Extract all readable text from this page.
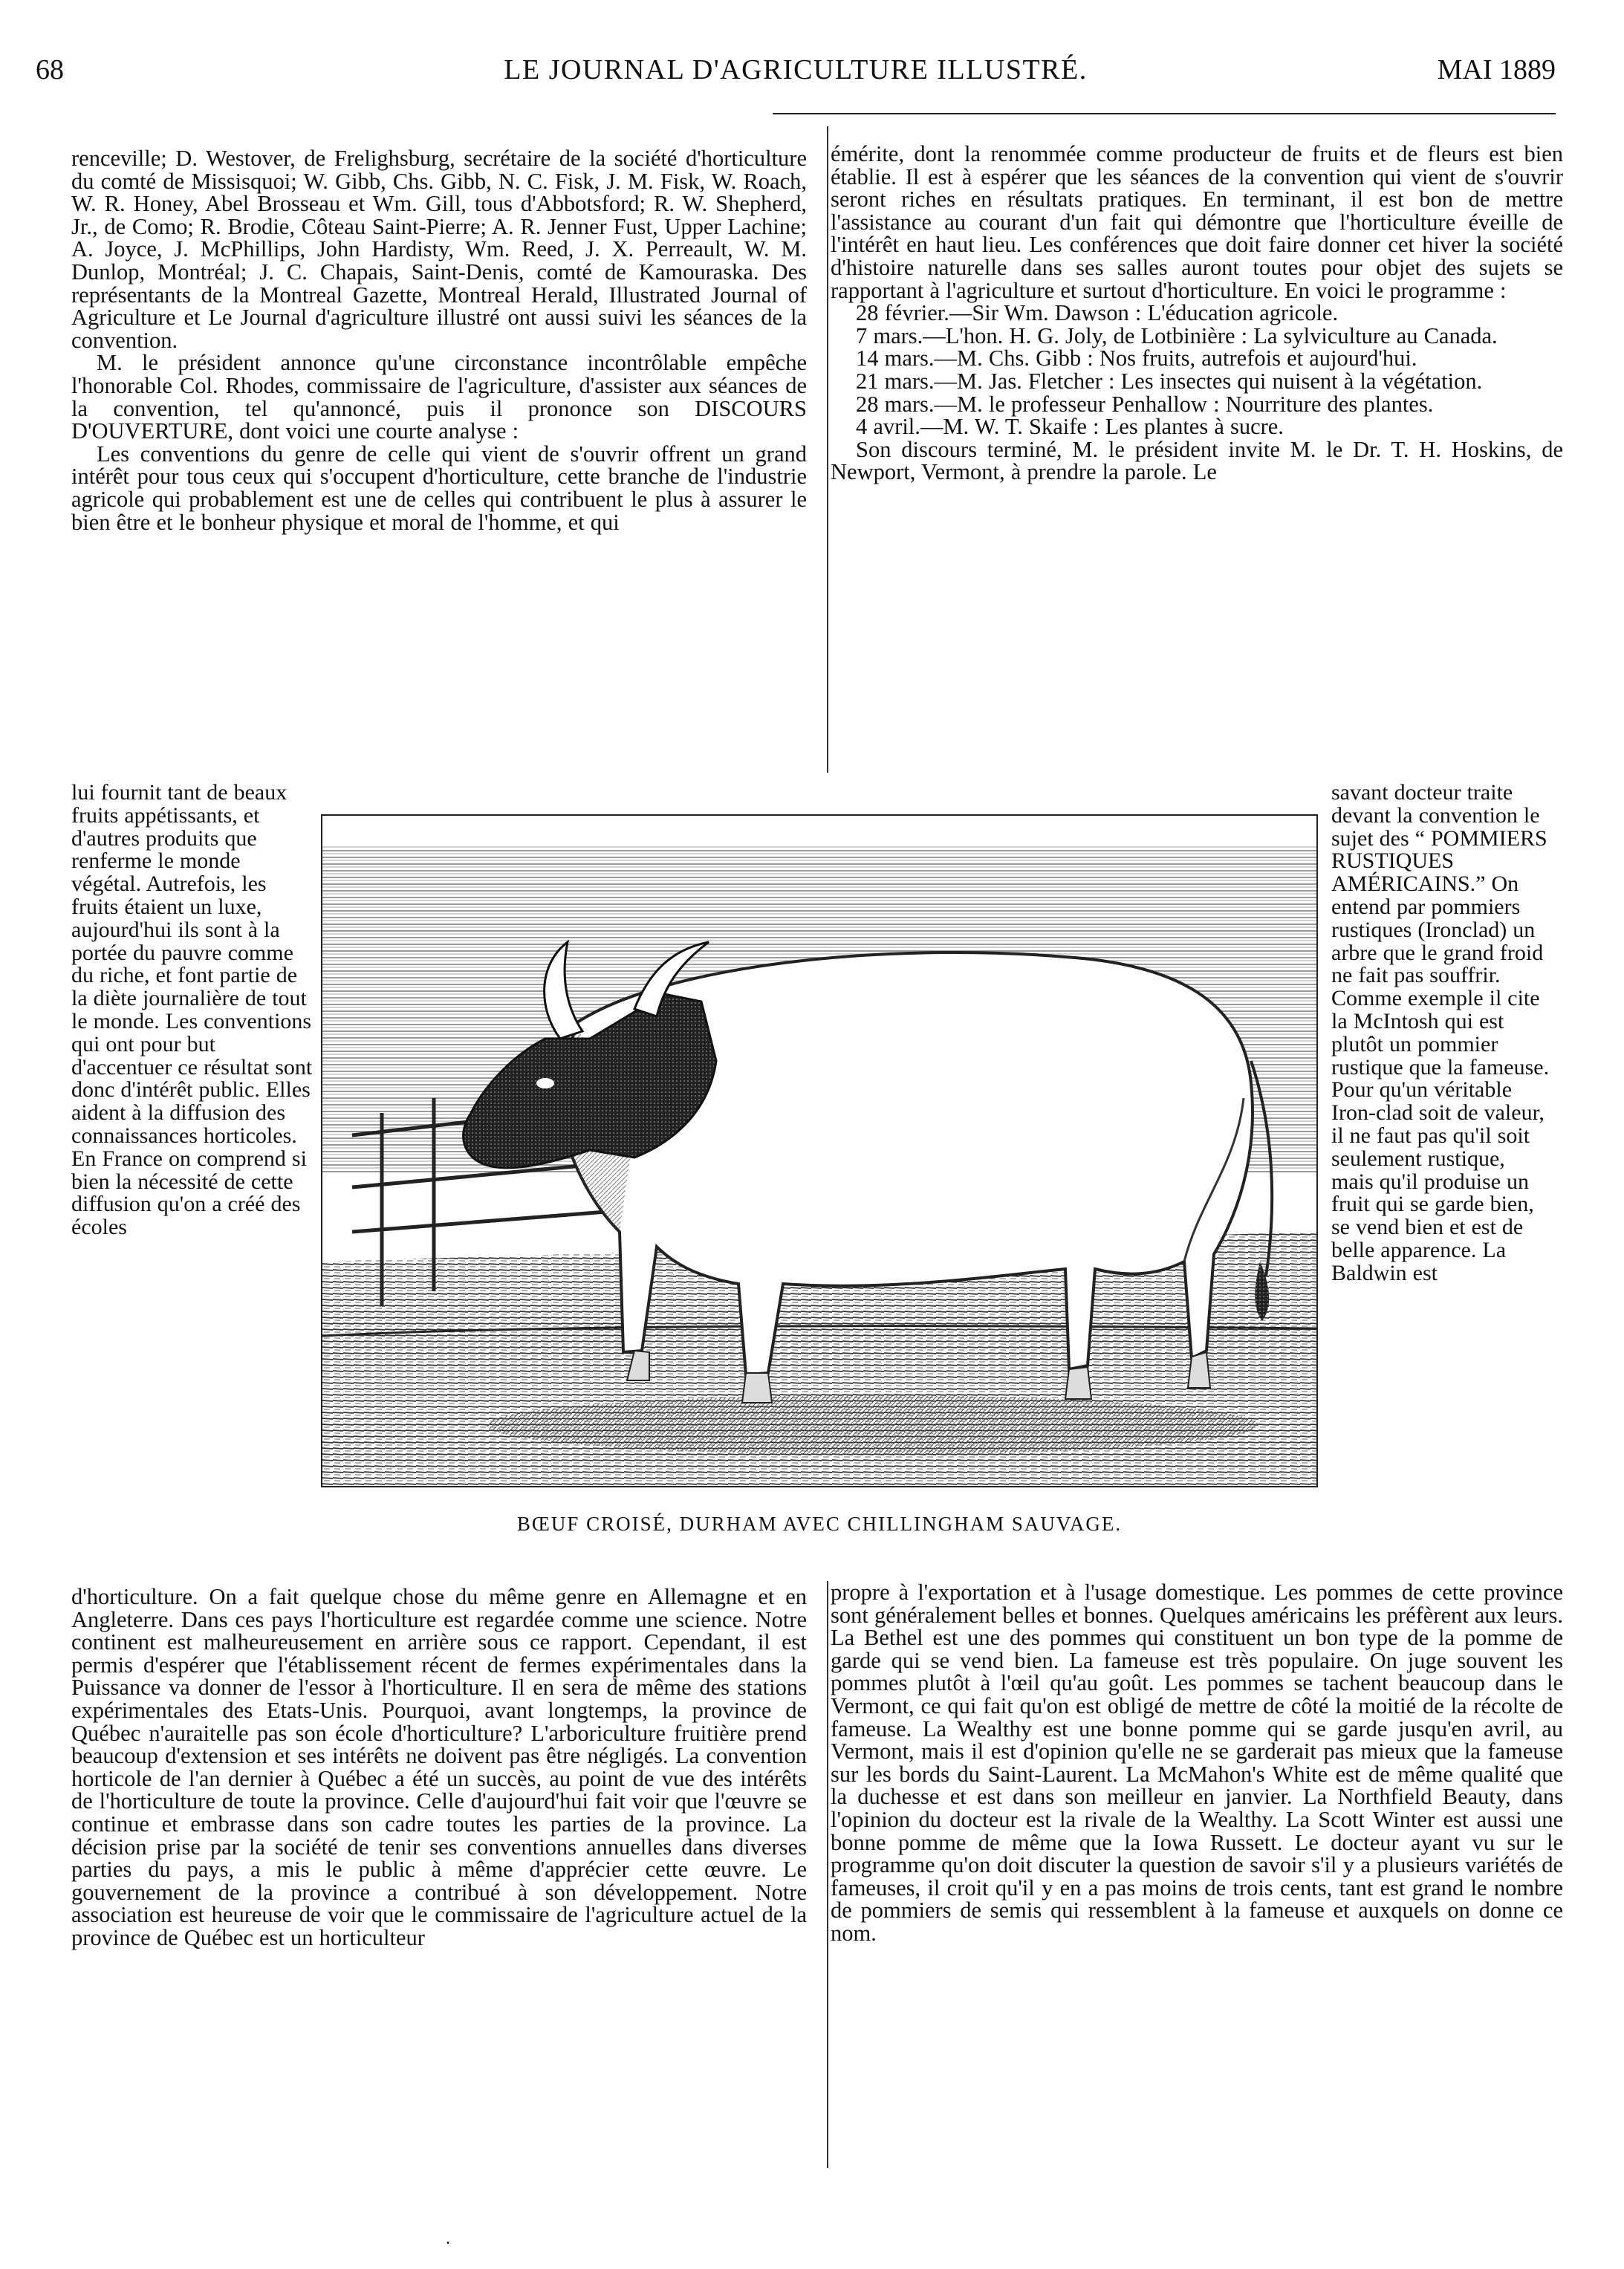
68	LE JOURNAL D'AGRICULTURE ILLUSTRÉ.	MAI 1889

renceville; D. Westover, de Frelighsburg, secrétaire de la société d'horticulture du comté de Missisquoi; W. Gibb, Chs. Gibb, N. C. Fisk, J. M. Fisk, W. Roach, W. R. Honey, Abel Brosseau et Wm. Gill, tous d'Abbotsford; R. W. Shepherd, Jr., de Como; R. Brodie, Côteau Saint-Pierre; A. R. Jenner Fust, Upper Lachine; A. Joyce, J. McPhillips, John Hardisty, Wm. Reed, J. X. Perreault, W. M. Dunlop, Montréal; J. C. Chapais, Saint-Denis, comté de Kamouraska. Des représentants de la Montreal Gazette, Montreal Herald, Illustrated Journal of Agriculture et Le Journal d'agriculture illustré ont aussi suivi les séances de la convention.

M. le président annonce qu'une circonstance incontrôlable empêche l'honorable Col. Rhodes, commissaire de l'agriculture, d'assister aux séances de la convention, tel qu'annoncé, puis il prononce son DISCOURS D'OUVERTURE, dont voici une courte analyse :

Les conventions du genre de celle qui vient de s'ouvrir offrent un grand intérêt pour tous ceux qui s'occupent d'horticulture, cette branche de l'industrie agricole qui probablement est une de celles qui contribuent le plus à assurer le bien être et le bonheur physique et moral de l'homme, et qui

émérite, dont la renommée comme producteur de fruits et de fleurs est bien établie. Il est à espérer que les séances de la convention qui vient de s'ouvrir seront riches en résultats pratiques. En terminant, il est bon de mettre l'assistance au courant d'un fait qui démontre que l'horticulture éveille de l'intérêt en haut lieu. Les conférences que doit faire donner cet hiver la société d'histoire naturelle dans ses salles auront toutes pour objet des sujets se rapportant à l'agriculture et surtout d'horticulture. En voici le programme :

28 février.—Sir Wm. Dawson : L'éducation agricole.

7 mars.—L'hon. H. G. Joly, de Lotbinière : La sylviculture au Canada.

14 mars.—M. Chs. Gibb : Nos fruits, autrefois et aujourd'hui.

21 mars.—M. Jas. Fletcher : Les insectes qui nuisent à la végétation.

28 mars.—M. le professeur Penhallow : Nourriture des plantes.

4 avril.—M. W. T. Skaife : Les plantes à sucre.

Son discours terminé, M. le président invite M. le Dr. T. H. Hoskins, de Newport, Vermont, à prendre la parole. Le

lui fournit tant de beaux fruits appétissants, et d'autres produits que renferme le monde végétal. Autrefois, les fruits étaient un luxe, aujourd'hui ils sont à la portée du pauvre comme du riche, et font partie de la diète journalière de tout le monde. Les conventions qui ont pour but d'accentuer ce résultat sont donc d'intérêt public. Elles aident à la diffusion des connaissances horticoles. En France on comprend si bien la nécessité de cette diffusion qu'on a créé des écoles

BŒUF CROISÉ, DURHAM AVEC CHILLINGHAM SAUVAGE.

savant docteur traite devant la convention le sujet des “ POMMIERS RUSTIQUES AMÉRICAINS.” On entend par pommiers rustiques (Ironclad) un arbre que le grand froid ne fait pas souffrir. Comme exemple il cite la McIntosh qui est plutôt un pommier rustique que la fameuse. Pour qu'un véritable Iron-clad soit de valeur, il ne faut pas qu'il soit seulement rustique, mais qu'il produise un fruit qui se garde bien, se vend bien et est de belle apparence. La Baldwin est

d'horticulture. On a fait quelque chose du même genre en Allemagne et en Angleterre. Dans ces pays l'horticulture est regardée comme une science. Notre continent est malheureusement en arrière sous ce rapport. Cependant, il est permis d'espérer que l'établissement récent de fermes expérimentales dans la Puissance va donner de l'essor à l'horticulture. Il en sera de même des stations expérimentales des Etats-Unis. Pourquoi, avant longtemps, la province de Québec n'auraitelle pas son école d'horticulture? L'arboriculture fruitière prend beaucoup d'extension et ses intérêts ne doivent pas être négligés. La convention horticole de l'an dernier à Québec a été un succès, au point de vue des intérêts de l'horticulture de toute la province. Celle d'aujourd'hui fait voir que l'œuvre se continue et embrasse dans son cadre toutes les parties de la province. La décision prise par la société de tenir ses conventions annuelles dans diverses parties du pays, a mis le public à même d'apprécier cette œuvre. Le gouvernement de la province a contribué à son développement. Notre association est heureuse de voir que le commissaire de l'agriculture actuel de la province de Québec est un horticulteur

propre à l'exportation et à l'usage domestique. Les pommes de cette province sont généralement belles et bonnes. Quelques américains les préfèrent aux leurs. La Bethel est une des pommes qui constituent un bon type de la pomme de garde qui se vend bien. La fameuse est très populaire. On juge souvent les pommes plutôt à l'œil qu'au goût. Les pommes se tachent beaucoup dans le Vermont, ce qui fait qu'on est obligé de mettre de côté la moitié de la récolte de fameuse. La Wealthy est une bonne pomme qui se garde jusqu'en avril, au Vermont, mais il est d'opinion qu'elle ne se garderait pas mieux que la fameuse sur les bords du Saint-Laurent. La McMahon's White est de même qualité que la duchesse et est dans son meilleur en janvier. La Northfield Beauty, dans l'opinion du docteur est la rivale de la Wealthy. La Scott Winter est aussi une bonne pomme de même que la Iowa Russett. Le docteur ayant vu sur le programme qu'on doit discuter la question de savoir s'il y a plusieurs variétés de fameuses, il croit qu'il y en a pas moins de trois cents, tant est grand le nombre de pommiers de semis qui ressemblent à la fameuse et auxquels on donne ce nom.

.
